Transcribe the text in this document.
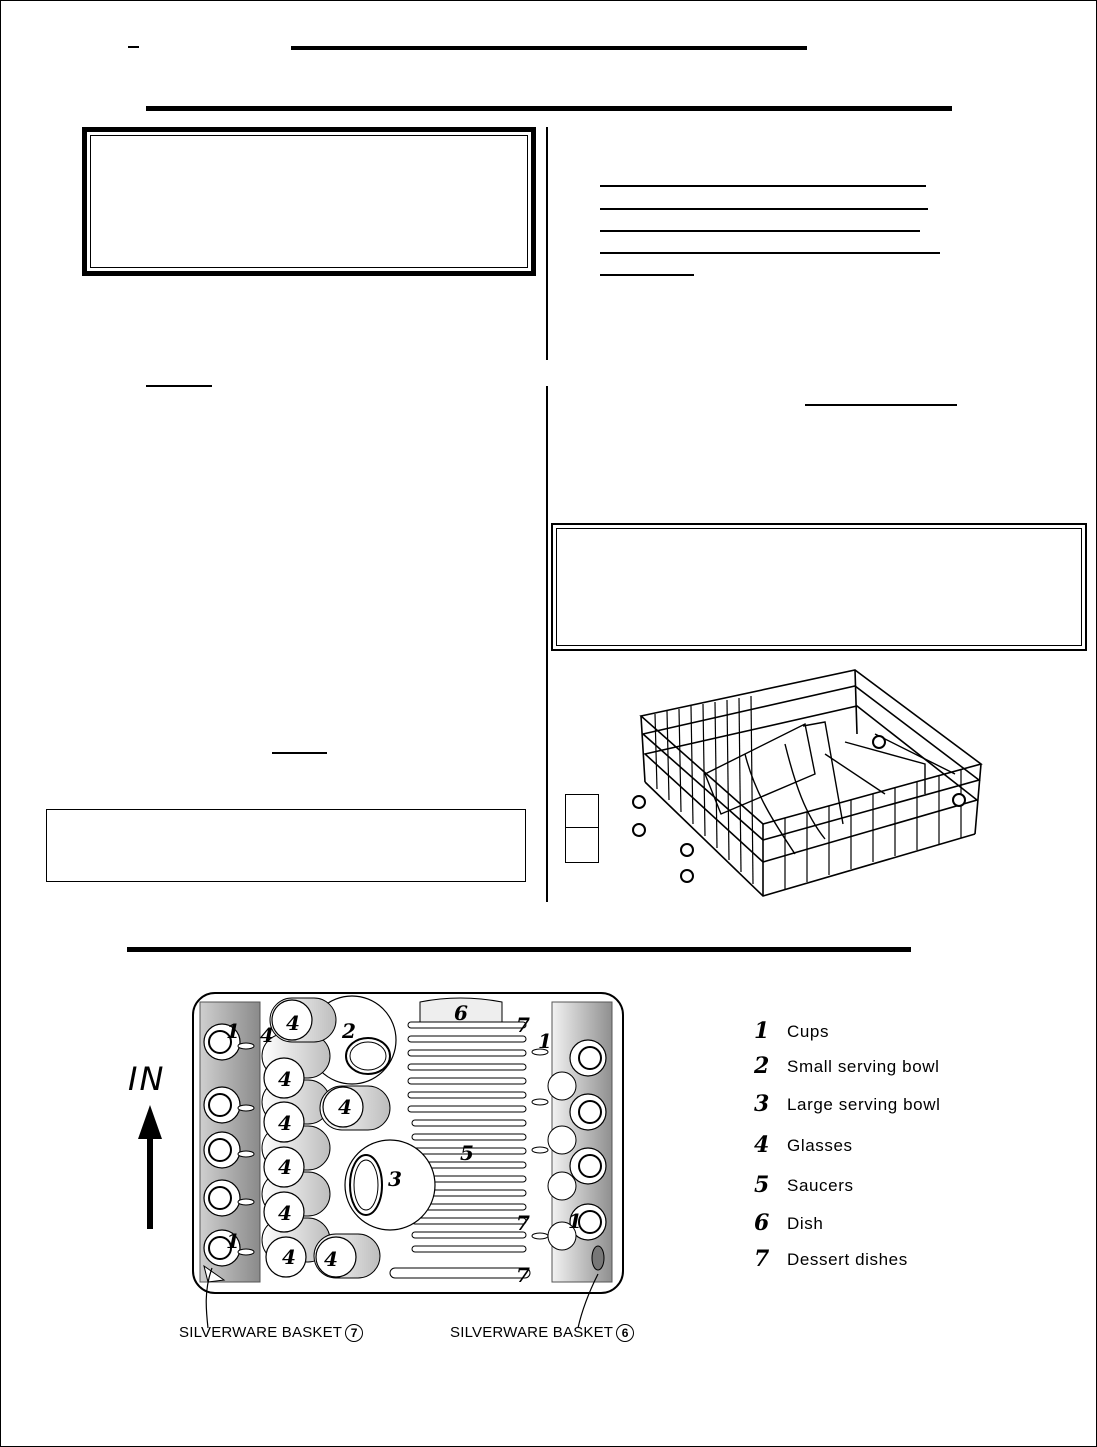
IN
1 4 4 2
6 7
1
4
4
4
5
3
4
4	7 1
1
4 4
7
SILVERWARE BASKET 7	SILVERWARE BASKET 6
1	Cups
2	Small serving bowl
3	Large serving bowl
4	Glasses
5	Saucers
6	Dish
7	Dessert dishes
